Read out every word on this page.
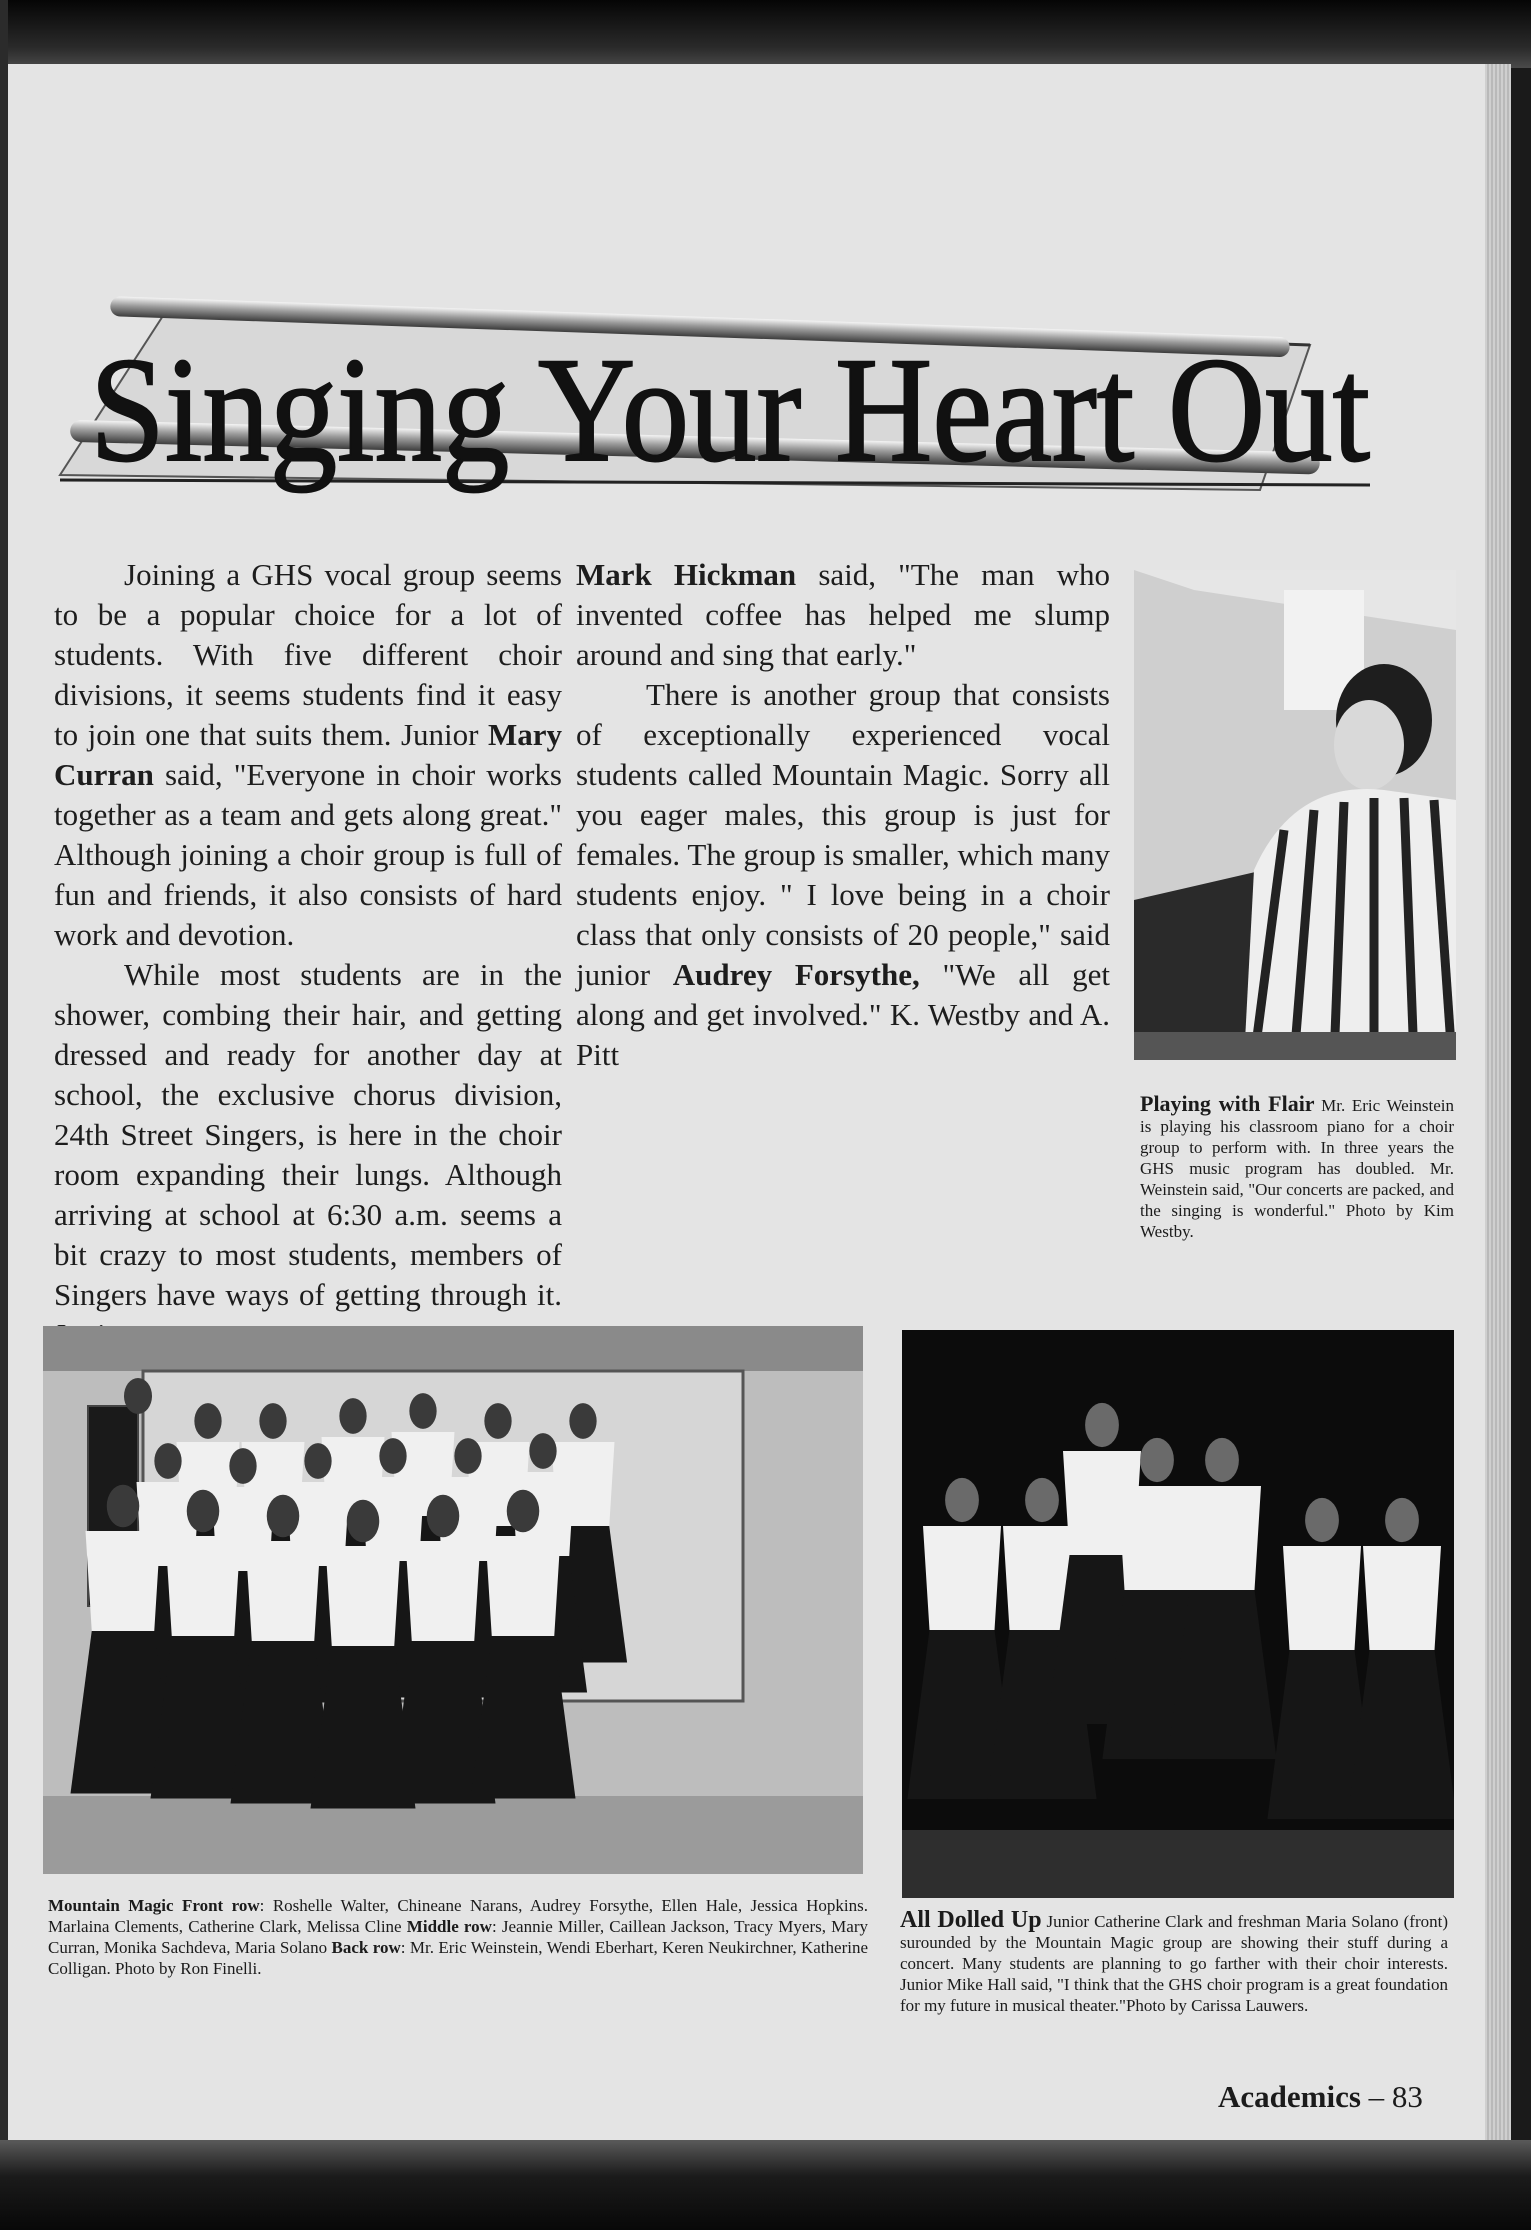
Singing Your Heart Out

Joining a GHS vocal group seems to be a popular choice for a lot of students. With five different choir divisions, it seems students find it easy to join one that suits them. Junior Mary Curran said, "Everyone in choir works together as a team and gets along great." Although joining a choir group is full of fun and friends, it also consists of hard work and devotion.

While most students are in the shower, combing their hair, and getting dressed and ready for another day at school, the exclusive chorus division, 24th Street Singers, is here in the choir room expanding their lungs. Although arriving at school at 6:30 a.m. seems a bit crazy to most students, members of Singers have ways of getting through it.

Mark Hickman said, "The man who invented coffee has helped me slump around and sing that early."

There is another group that consists of exceptionally experienced vocal students called Mountain Magic. Sorry all you eager males, this group is just for females. The group is smaller, which many students enjoy. " I love being in a choir class that only consists of 20 people," said junior Audrey Forsythe, "We all get along and get involved." K. Westby and A. Pitt

Playing with Flair Mr. Eric Weinstein is playing his classroom piano for a choir group to perform with. In three years the GHS music program has doubled. Mr. Weinstein said, "Our concerts are packed, and the singing is wonderful." Photo by Kim Westby.
Mountain Magic Front row: Roshelle Walter, Chineane Narans, Audrey Forsythe, Ellen Hale, Jessica Hopkins. Marlaina Clements, Catherine Clark, Melissa Cline Middle row: Jeannie Miller, Caillean Jackson, Tracy Myers, Mary Curran, Monika Sachdeva, Maria Solano Back row: Mr. Eric Weinstein, Wendi Eberhart, Keren Neukirchner, Katherine Colligan. Photo by Ron Finelli.
All Dolled Up Junior Catherine Clark and freshman Maria Solano (front) surounded by the Mountain Magic group are showing their stuff during a concert. Many students are planning to go farther with their choir interests. Junior Mike Hall said, "I think that the GHS choir program is a great foundation for my future in musical theater."Photo by Carissa Lauwers.
Academics – 83
